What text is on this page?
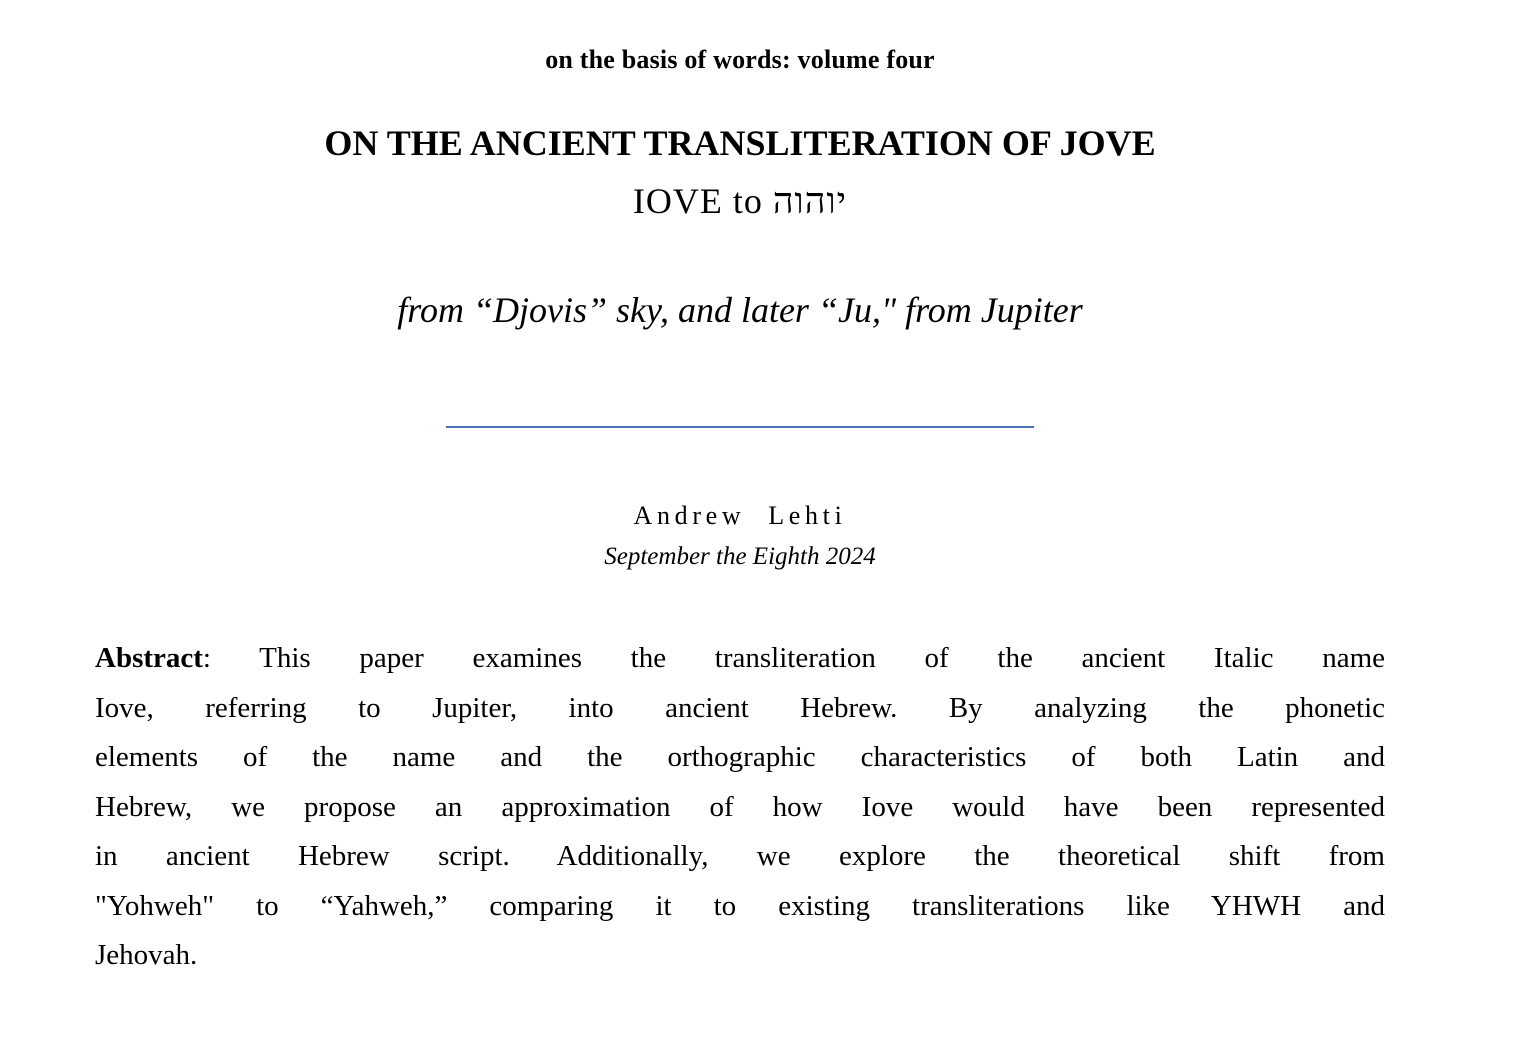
on the basis of words: volume four
ON THE ANCIENT TRANSLITERATION OF JOVE
IOVE to יוהוה
from “Djovis” sky, and later “Ju," from Jupiter
Andrew Lehti
September the Eighth 2024
Abstract: This paper examines the transliteration of the ancient Italic name
Iove, referring to Jupiter, into ancient Hebrew. By analyzing the phonetic
elements of the name and the orthographic characteristics of both Latin and
Hebrew, we propose an approximation of how Iove would have been represented
in ancient Hebrew script. Additionally, we explore the theoretical shift from
"Yohweh" to “Yahweh,” comparing it to existing transliterations like YHWH and
Jehovah.
